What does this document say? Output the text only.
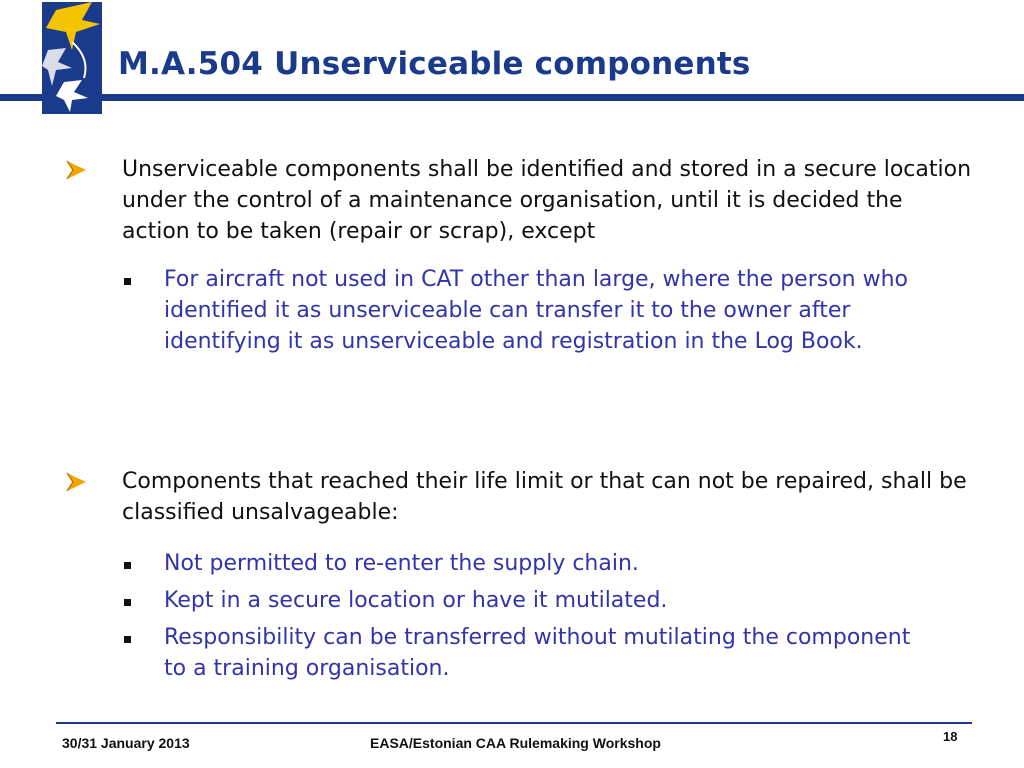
M.A.504 Unserviceable components
Unserviceable components shall be identified and stored in a secure location under the control of a maintenance organisation, until it is decided the action to be taken (repair or scrap), except
For aircraft not used in CAT other than large, where the person who identified it as unserviceable can transfer it to the owner after identifying it as unserviceable and registration in the Log Book.
Components that reached their life limit or that can not be repaired, shall be classified unsalvageable:
Not permitted to re-enter the supply chain.
Kept in a secure location or have it mutilated.
Responsibility can be transferred without mutilating the component to a training organisation.
30/31 January 2013	EASA/Estonian CAA Rulemaking Workshop	18
